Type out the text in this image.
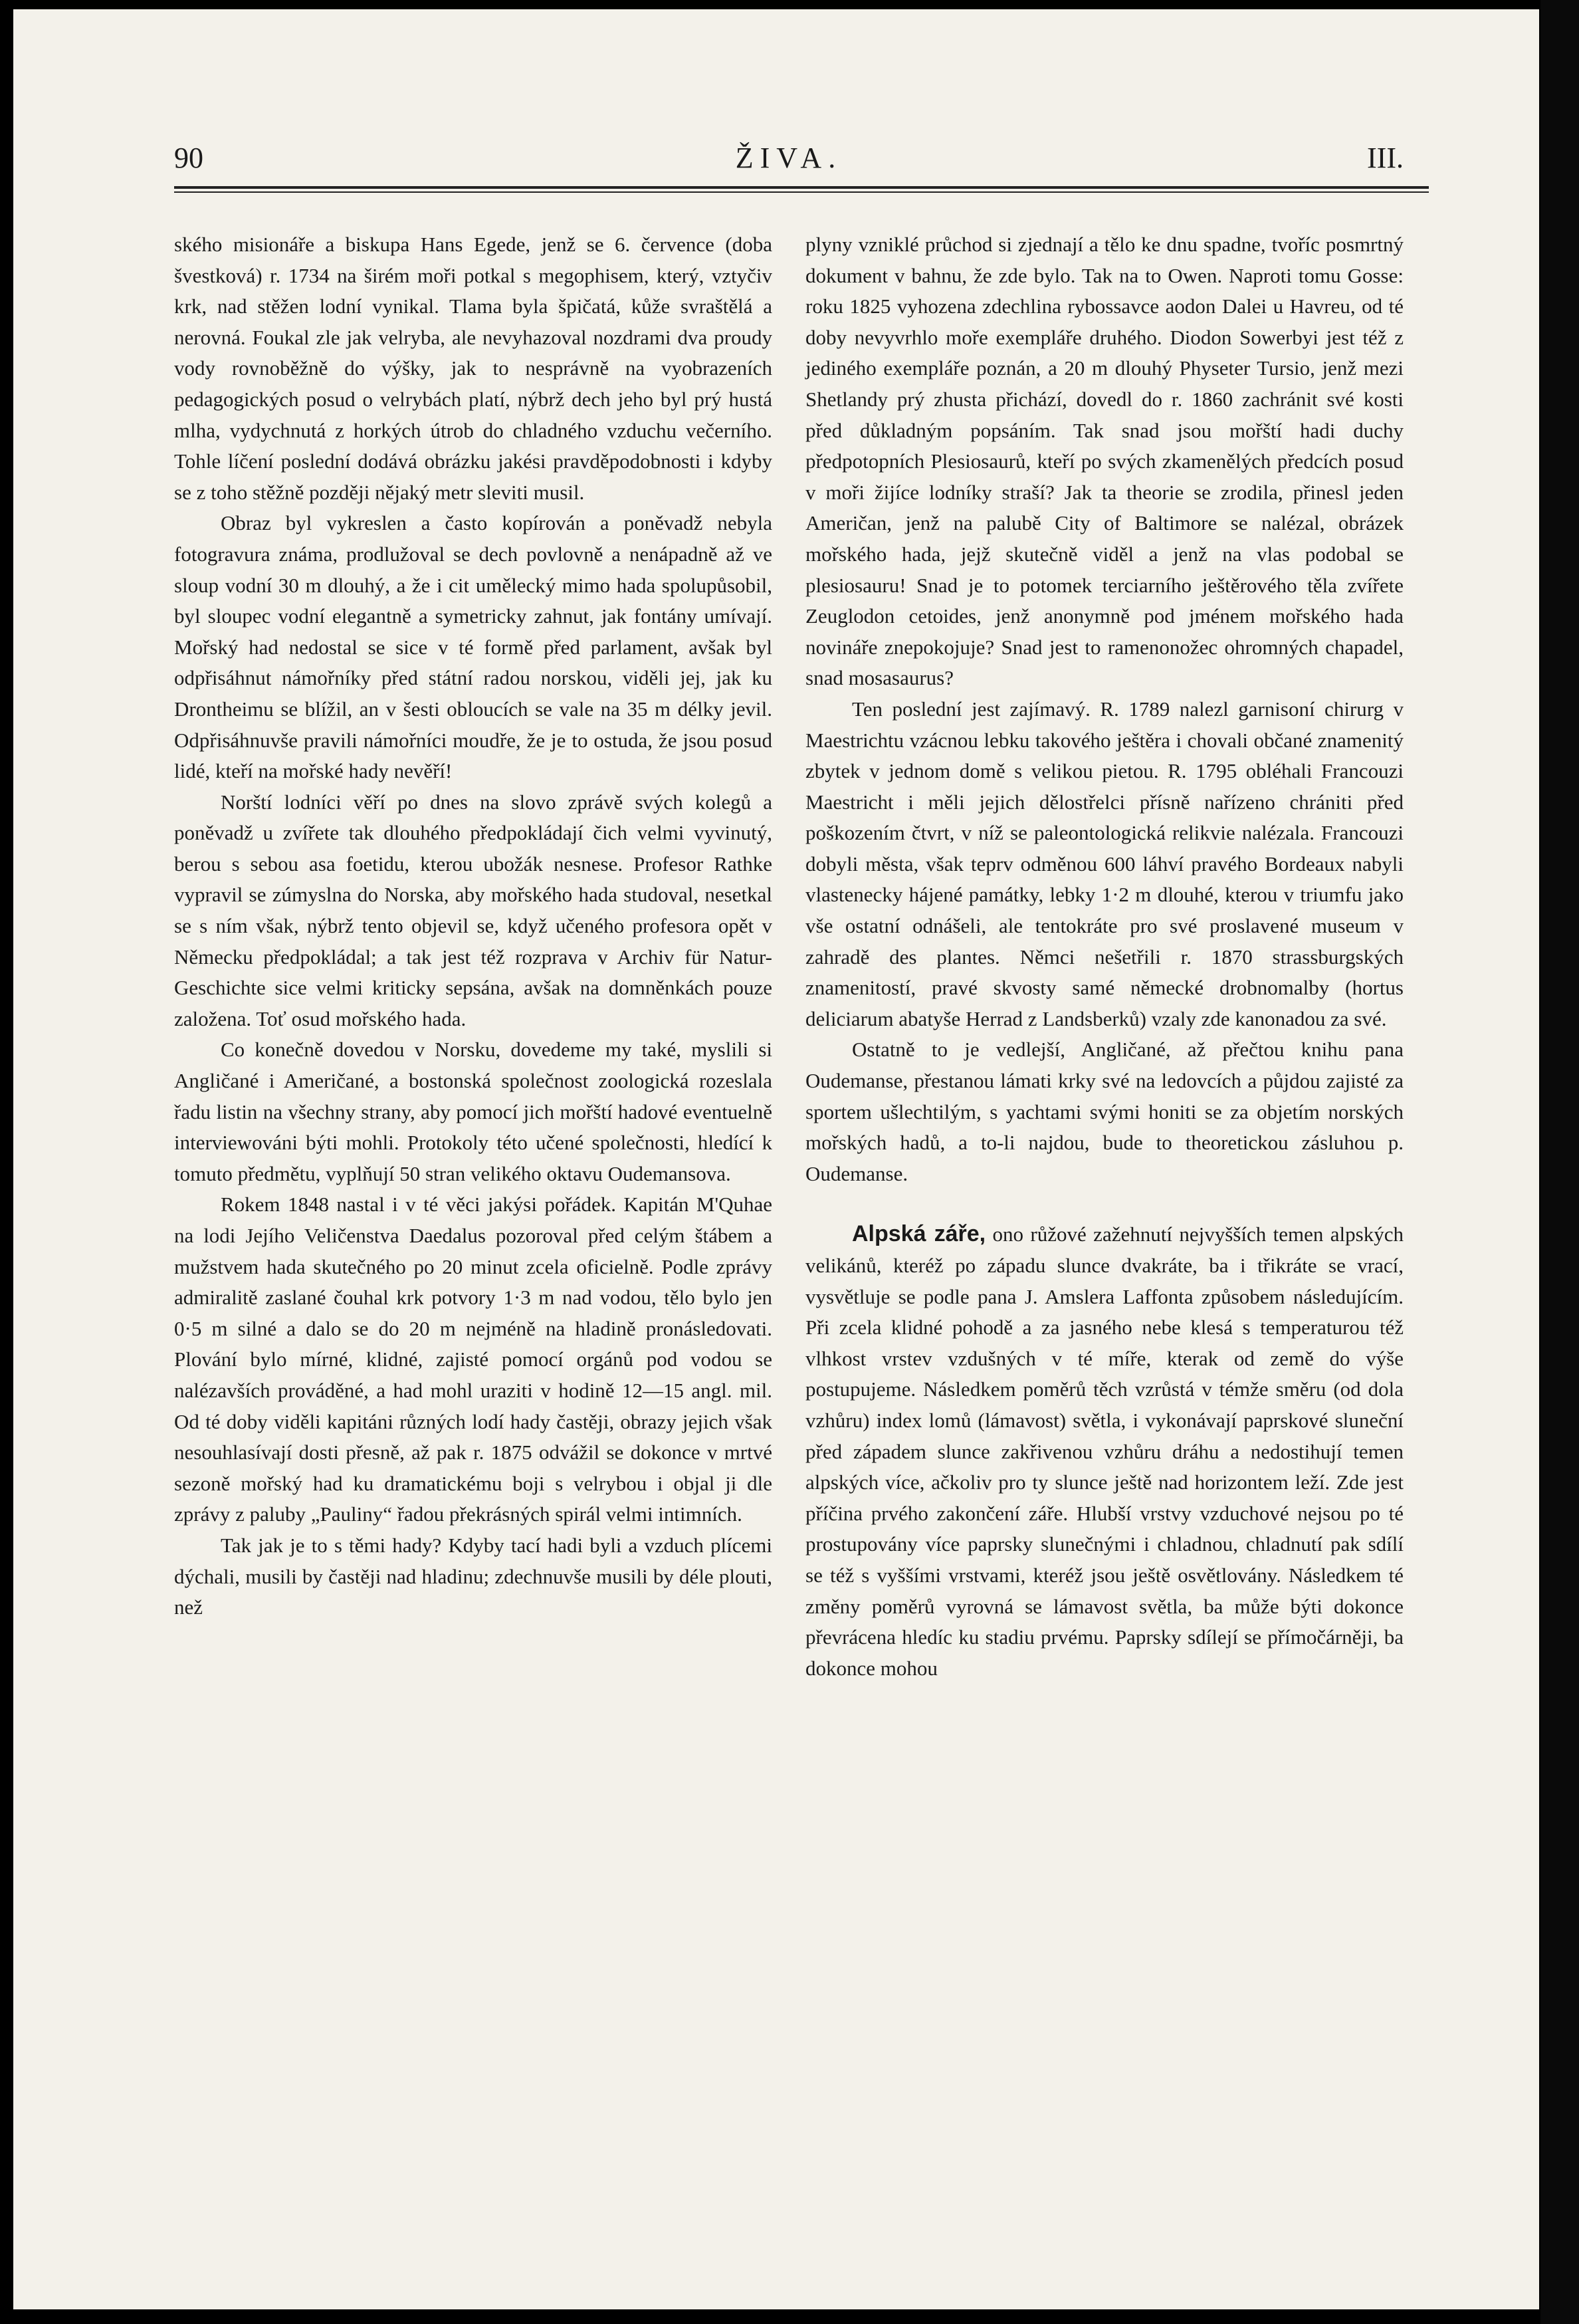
90	ŽIVA.	III.

ského misionáře a biskupa Hans Egede, jenž se 6. července (doba švestková) r. 1734 na širém moři potkal s megophisem, který, vztyčiv krk, nad stěžen lodní vynikal. Tlama byla špičatá, kůže svraštělá a nerovná. Foukal zle jak velryba, ale nevyhazoval nozdrami dva proudy vody rovnoběžně do výšky, jak to nesprávně na vyobrazeních pedagogických posud o velrybách platí, nýbrž dech jeho byl prý hustá mlha, vydychnutá z horkých útrob do chladného vzduchu večerního. Tohle líčení poslední dodává obrázku jakési pravděpodobnosti i kdyby se z toho stěžně později nějaký metr sleviti musil.

Obraz byl vykreslen a často kopírován a poněvadž nebyla fotogravura známa, prodlužoval se dech povlovně a nenápadně až ve sloup vodní 30 m dlouhý, a že i cit umělecký mimo hada spolupůsobil, byl sloupec vodní elegantně a symetricky zahnut, jak fontány umívají. Mořský had nedostal se sice v té formě před parlament, avšak byl odpřisáhnut námořníky před státní radou norskou, viděli jej, jak ku Drontheimu se blížil, an v šesti obloucích se vale na 35 m délky jevil. Odpřisáhnuvše pravili námořníci moudře, že je to ostuda, že jsou posud lidé, kteří na mořské hady nevěří!

Norští lodníci věří po dnes na slovo zprávě svých kolegů a poněvadž u zvířete tak dlouhého předpokládají čich velmi vyvinutý, berou s sebou asa foetidu, kterou ubožák nesnese. Profesor Rathke vypravil se zúmyslna do Norska, aby mořského hada studoval, nesetkal se s ním však, nýbrž tento objevil se, když učeného profesora opět v Německu předpokládal; a tak jest též rozprava v Archiv für Natur-Geschichte sice velmi kriticky sepsána, avšak na domněnkách pouze založena. Toť osud mořského hada.

Co konečně dovedou v Norsku, dovedeme my také, myslili si Angličané i Američané, a bostonská společnost zoologická rozeslala řadu listin na všechny strany, aby pomocí jich mořští hadové eventuelně interviewováni býti mohli. Protokoly této učené společnosti, hledící k tomuto předmětu, vyplňují 50 stran velikého oktavu Oudemansova.

Rokem 1848 nastal i v té věci jakýsi pořádek. Kapitán M'Quhae na lodi Jejího Veličenstva Daedalus pozoroval před celým štábem a mužstvem hada skutečného po 20 minut zcela oficielně. Podle zprávy admiralitě zaslané čouhal krk potvory 1·3 m nad vodou, tělo bylo jen 0·5 m silné a dalo se do 20 m nejméně na hladině pronásledovati. Plování bylo mírné, klidné, zajisté pomocí orgánů pod vodou se nalézavších prováděné, a had mohl uraziti v hodině 12—15 angl. mil. Od té doby viděli kapitáni různých lodí hady častěji, obrazy jejich však nesouhlasívají dosti přesně, až pak r. 1875 odvážil se dokonce v mrtvé sezoně mořský had ku dramatickému boji s velrybou i objal ji dle zprávy z paluby „Pauliny“ řadou překrásných spirál velmi intimních.

Tak jak je to s těmi hady? Kdyby tací hadi byli a vzduch plícemi dýchali, musili by častěji nad hladinu; zdechnuvše musili by déle plouti, než

plyny vzniklé průchod si zjednají a tělo ke dnu spadne, tvoříc posmrtný dokument v bahnu, že zde bylo. Tak na to Owen. Naproti tomu Gosse: roku 1825 vyhozena zdechlina rybossavce aodon Dalei u Havreu, od té doby nevyvrhlo moře exempláře druhého. Diodon Sowerbyi jest též z jediného exempláře poznán, a 20 m dlouhý Physeter Tursio, jenž mezi Shetlandy prý zhusta přichází, dovedl do r. 1860 zachránit své kosti před důkladným popsáním. Tak snad jsou mořští hadi duchy předpotopních Plesiosaurů, kteří po svých zkamenělých předcích posud v moři žijíce lodníky straší? Jak ta theorie se zrodila, přinesl jeden Američan, jenž na palubě City of Baltimore se nalézal, obrázek mořského hada, jejž skutečně viděl a jenž na vlas podobal se plesiosauru! Snad je to potomek terciarního ještěrového těla zvířete Zeuglodon cetoides, jenž anonymně pod jménem mořského hada novináře znepokojuje? Snad jest to ramenonožec ohromných chapadel, snad mosasaurus?

Ten poslední jest zajímavý. R. 1789 nalezl garnisoní chirurg v Maestrichtu vzácnou lebku takového ještěra i chovali občané znamenitý zbytek v jednom domě s velikou pietou. R. 1795 obléhali Francouzi Maestricht i měli jejich dělostřelci přísně nařízeno chrániti před poškozením čtvrt, v níž se paleontologická relikvie nalézala. Francouzi dobyli města, však teprv odměnou 600 láhví pravého Bordeaux nabyli vlastenecky hájené památky, lebky 1·2 m dlouhé, kterou v triumfu jako vše ostatní odnášeli, ale tentokráte pro své proslavené museum v zahradě des plantes. Němci nešetřili r. 1870 strassburgských znamenitostí, pravé skvosty samé německé drobnomalby (hortus deliciarum abatyše Herrad z Landsberků) vzaly zde kanonadou za své.

Ostatně to je vedlejší, Angličané, až přečtou knihu pana Oudemanse, přestanou lámati krky své na ledovcích a půjdou zajisté za sportem ušlechtilým, s yachtami svými honiti se za objetím norských mořských hadů, a to-li najdou, bude to theoretickou zásluhou p. Oudemanse.

Alpská záře, ono růžové zažehnutí nejvyšších temen alpských velikánů, kteréž po západu slunce dvakráte, ba i třikráte se vrací, vysvětluje se podle pana J. Amslera Laffonta způsobem následujícím. Při zcela klidné pohodě a za jasného nebe klesá s temperaturou též vlhkost vrstev vzdušných v té míře, kterak od země do výše postupujeme. Následkem poměrů těch vzrůstá v témže směru (od dola vzhůru) index lomů (lámavost) světla, i vykonávají paprskové sluneční před západem slunce zakřivenou vzhůru dráhu a nedostihují temen alpských více, ačkoliv pro ty slunce ještě nad horizontem leží. Zde jest příčina prvého zakončení záře. Hlubší vrstvy vzduchové nejsou po té prostupovány více paprsky slunečnými i chladnou, chladnutí pak sdílí se též s vyššími vrstvami, kteréž jsou ještě osvětlovány. Následkem té změny poměrů vyrovná se lámavost světla, ba může býti dokonce převrácena hledíc ku stadiu prvému. Paprsky sdílejí se přímočárněji, ba dokonce mohou
